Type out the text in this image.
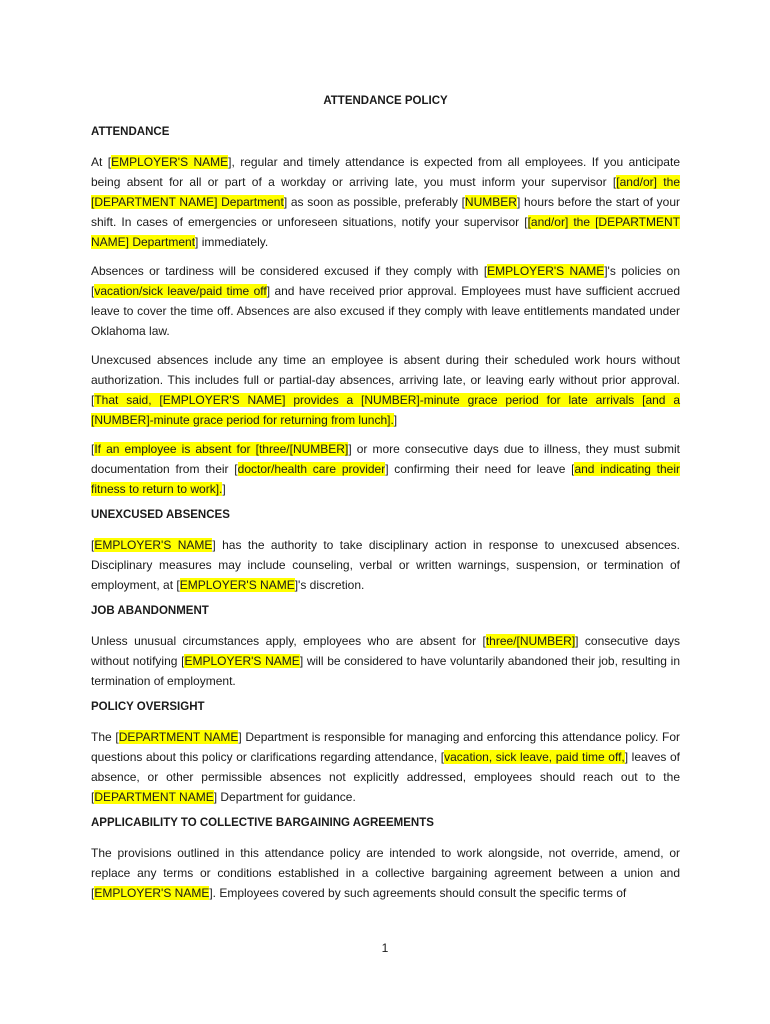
ATTENDANCE POLICY
ATTENDANCE
At [EMPLOYER'S NAME], regular and timely attendance is expected from all employees. If you anticipate being absent for all or part of a workday or arriving late, you must inform your supervisor [[and/or] the [DEPARTMENT NAME] Department] as soon as possible, preferably [NUMBER] hours before the start of your shift. In cases of emergencies or unforeseen situations, notify your supervisor [[and/or] the [DEPARTMENT NAME] Department] immediately.
Absences or tardiness will be considered excused if they comply with [EMPLOYER'S NAME]'s policies on [vacation/sick leave/paid time off] and have received prior approval. Employees must have sufficient accrued leave to cover the time off. Absences are also excused if they comply with leave entitlements mandated under Oklahoma law.
Unexcused absences include any time an employee is absent during their scheduled work hours without authorization. This includes full or partial-day absences, arriving late, or leaving early without prior approval. [That said, [EMPLOYER'S NAME] provides a [NUMBER]-minute grace period for late arrivals [and a [NUMBER]-minute grace period for returning from lunch].]
[If an employee is absent for [three/[NUMBER]] or more consecutive days due to illness, they must submit documentation from their [doctor/health care provider] confirming their need for leave [and indicating their fitness to return to work].]
UNEXCUSED ABSENCES
[EMPLOYER'S NAME] has the authority to take disciplinary action in response to unexcused absences. Disciplinary measures may include counseling, verbal or written warnings, suspension, or termination of employment, at [EMPLOYER'S NAME]'s discretion.
JOB ABANDONMENT
Unless unusual circumstances apply, employees who are absent for [three/[NUMBER]] consecutive days without notifying [EMPLOYER'S NAME] will be considered to have voluntarily abandoned their job, resulting in termination of employment.
POLICY OVERSIGHT
The [DEPARTMENT NAME] Department is responsible for managing and enforcing this attendance policy. For questions about this policy or clarifications regarding attendance, [vacation, sick leave, paid time off,] leaves of absence, or other permissible absences not explicitly addressed, employees should reach out to the [DEPARTMENT NAME] Department for guidance.
APPLICABILITY TO COLLECTIVE BARGAINING AGREEMENTS
The provisions outlined in this attendance policy are intended to work alongside, not override, amend, or replace any terms or conditions established in a collective bargaining agreement between a union and [EMPLOYER'S NAME]. Employees covered by such agreements should consult the specific terms of
1
